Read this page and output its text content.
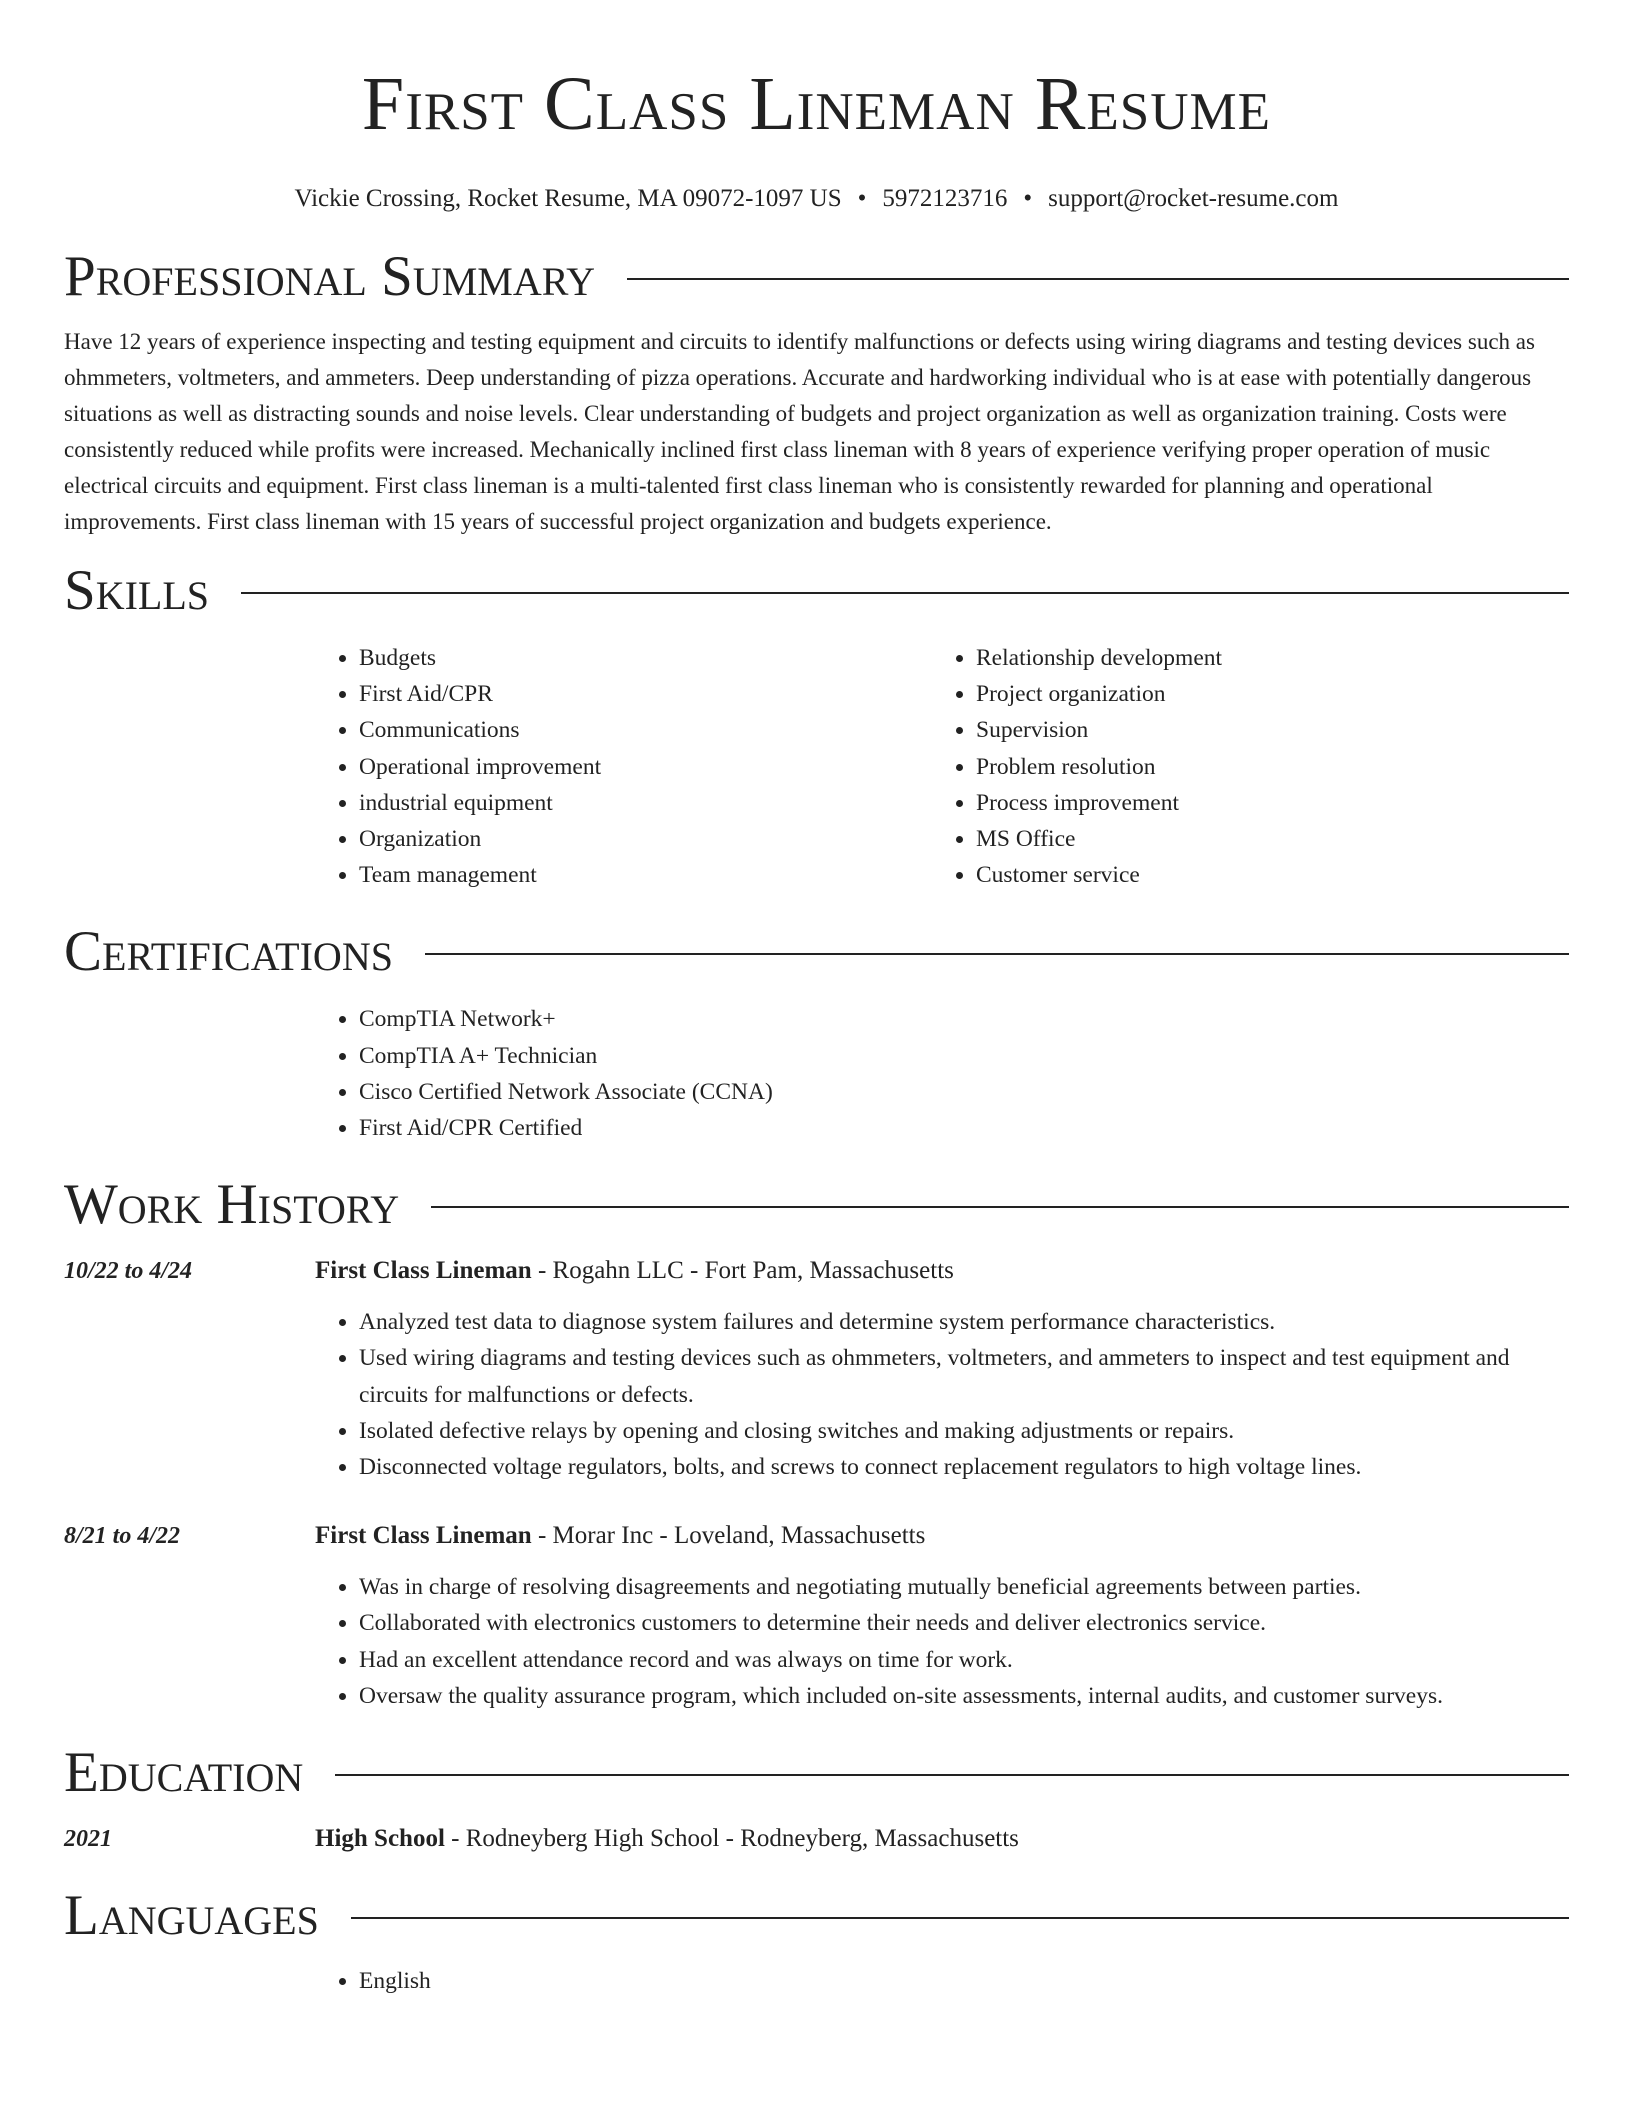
First Class Lineman Resume
Vickie Crossing, Rocket Resume, MA 09072-1097 US • 5972123716 • support@rocket-resume.com
Professional Summary

Have 12 years of experience inspecting and testing equipment and circuits to identify malfunctions or defects using wiring diagrams and testing devices such as ohmmeters, voltmeters, and ammeters. Deep understanding of pizza operations. Accurate and hardworking individual who is at ease with potentially dangerous situations as well as distracting sounds and noise levels. Clear understanding of budgets and project organization as well as organization training. Costs were consistently reduced while profits were increased. Mechanically inclined first class lineman with 8 years of experience verifying proper operation of music electrical circuits and equipment. First class lineman is a multi-talented first class lineman who is consistently rewarded for planning and operational improvements. First class lineman with 15 years of successful project organization and budgets experience.

Skills
• Budgets
• First Aid/CPR
• Communications
• Operational improvement
• industrial equipment
• Organization
• Team management
• Relationship development
• Project organization
• Supervision
• Problem resolution
• Process improvement
• MS Office
• Customer service
Certifications
• CompTIA Network+
• CompTIA A+ Technician
• Cisco Certified Network Associate (CCNA)
• First Aid/CPR Certified
Work History
10/22 to 4/24	First Class Lineman - Rogahn LLC - Fort Pam, Massachusetts
• Analyzed test data to diagnose system failures and determine system performance characteristics.
• Used wiring diagrams and testing devices such as ohmmeters, voltmeters, and ammeters to inspect and test equipment and circuits for malfunctions or defects.
• Isolated defective relays by opening and closing switches and making adjustments or repairs.
• Disconnected voltage regulators, bolts, and screws to connect replacement regulators to high voltage lines.
8/21 to 4/22	First Class Lineman - Morar Inc - Loveland, Massachusetts
• Was in charge of resolving disagreements and negotiating mutually beneficial agreements between parties.
• Collaborated with electronics customers to determine their needs and deliver electronics service.
• Had an excellent attendance record and was always on time for work.
• Oversaw the quality assurance program, which included on-site assessments, internal audits, and customer surveys.
Education
2021	High School - Rodneyberg High School - Rodneyberg, Massachusetts
Languages
• English
